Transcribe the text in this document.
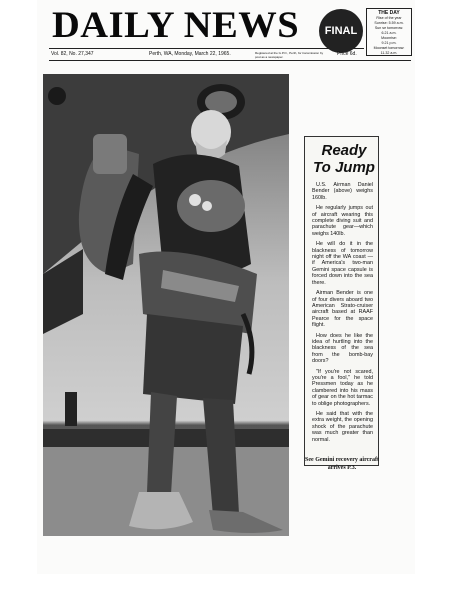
DAILY NEWS FINAL
THE DAY
Rise of the year
Sunrise: 5.59 a.m.
Sun se tomorrow:
6.21 a.m.
Moonrise:
9.21 p.m.
Moonset tomorrow:
11.32 a.m.
Vol. 82, No. 27,347	Perth, WA, Monday, March 22, 1965.	Registered at the G.P.O., Perth, for transmission by post as a newspaper.	Price 6d.
Ready
To Jump

U.S. Airman Daniel Bender (above) weighs 160lb.

He regularly jumps out of aircraft wearing this complete diving suit and parachute gear—which weighs 140lb.

He will do it in the blackness of tomorrow night off the WA coast —if America's two-man Gemini space capsule is forced down into the sea there.

Airman Bender is one of four divers aboard two American Strato-cruiser aircraft based at RAAF Pearce for the space flight.

How does he like the idea of hurtling into the blackness of the sea from the bomb-bay doors?

"If you're not scared, you're a fool," he told Pressmen today as he clambered into his mass of gear on the hot tarmac to oblige photographers.

He said that with the extra weight, the opening shock of the parachute was much greater than normal.

See Gemini recovery aircraft arrives P.3.
